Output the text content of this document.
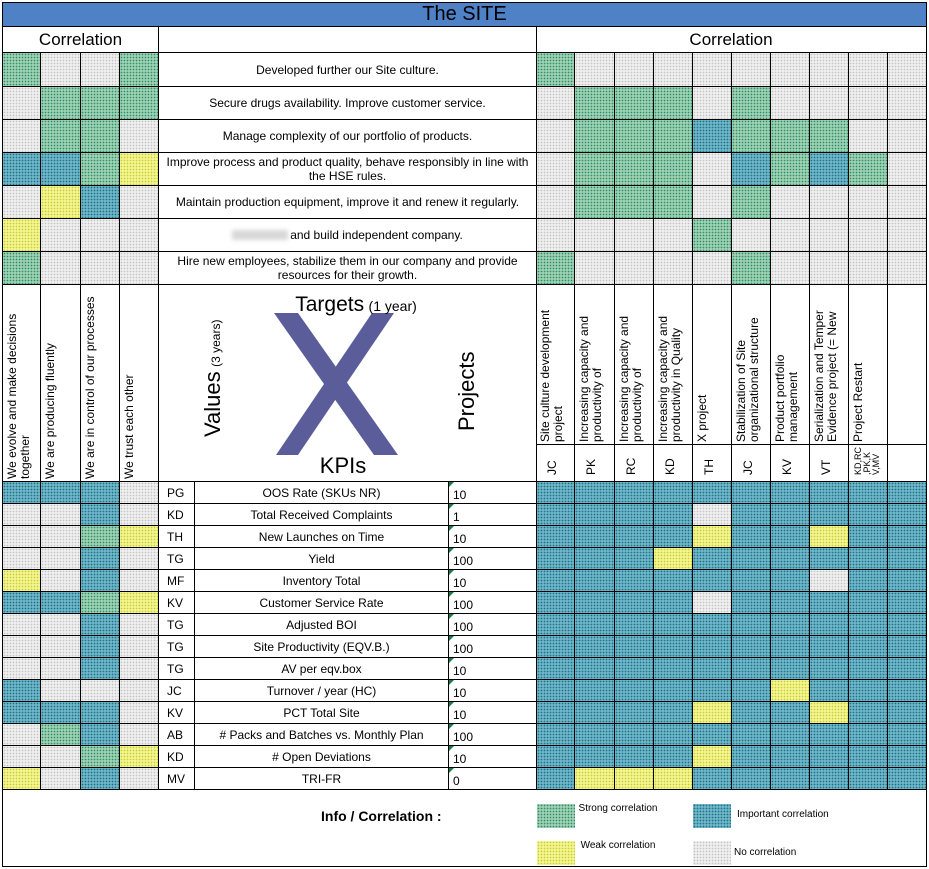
The SITE
Correlation	Correlation
Developed further our Site culture.
Secure drugs availability. Improve customer service.
Manage complexity of our portfolio of products.
Improve process and product quality, behave responsibly in line with the HSE rules.
Maintain production equipment, improve it and renew it regularly.
and build independent company.
Hire new employees, stabilize them in our company and provide resources for their growth.
We evolve and make decisions together We are producing fluently We are in control of our processes We trust each other	Site culture development project
JC
Increasing capacity and productivity of
PK
Increasing capacity and productivity of
RC
Increasing capacity and productivity in Quality
KD
X project
TH
Stabilization of Site organizational structure
JC
Product portfolio management
KV
Serialization and Temper Evidence project (= New
VT
Project Restart
KD,RC ,PK,K V,MV
Targets (1 year)
KPIs
Values (3 years)
Projects
PG	OOS Rate (SKUs NR)	10
KD	Total Received Complaints	1
TH	New Launches on Time	10
TG	Yield	100
MF	Inventory Total	10
KV	Customer Service Rate	100
TG	Adjusted BOI	100
TG	Site Productivity (EQV.B.)	100
TG	AV per eqv.box	10
JC	Turnover / year (HC)	10
KV	PCT Total Site	10
AB	# Packs and Batches vs. Monthly Plan	100
KD	# Open Deviations	10
MV	TRI-FR	0
Info / Correlation :	Strong correlation
Important correlation
Weak correlation
No correlation
